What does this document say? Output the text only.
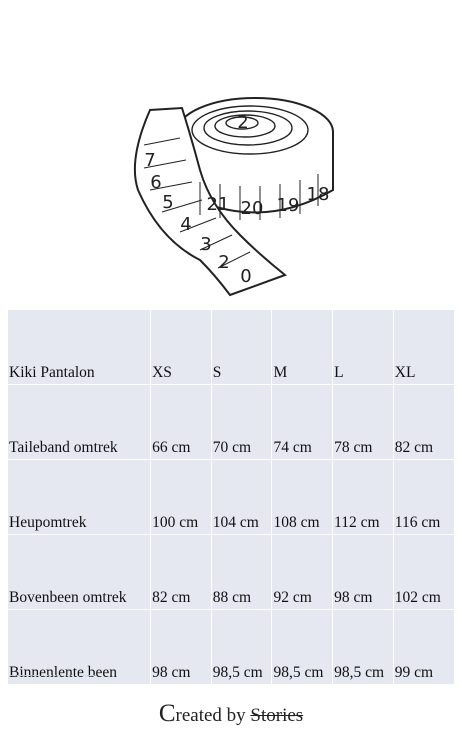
2
21 20 19
18
0
2
3
4
5
6
7
Kiki Pantalon	XS	S	M	L	XL
Taileband omtrek	66 cm	70 cm	74 cm	78 cm	82 cm
Heupomtrek	100 cm	104 cm	108 cm	112 cm	116 cm
Bovenbeen omtrek	82 cm	88 cm	92 cm	98 cm	102 cm
Binnenlente been	98 cm	98,5 cm	98,5 cm	98,5 cm	99 cm
Created by Stories
